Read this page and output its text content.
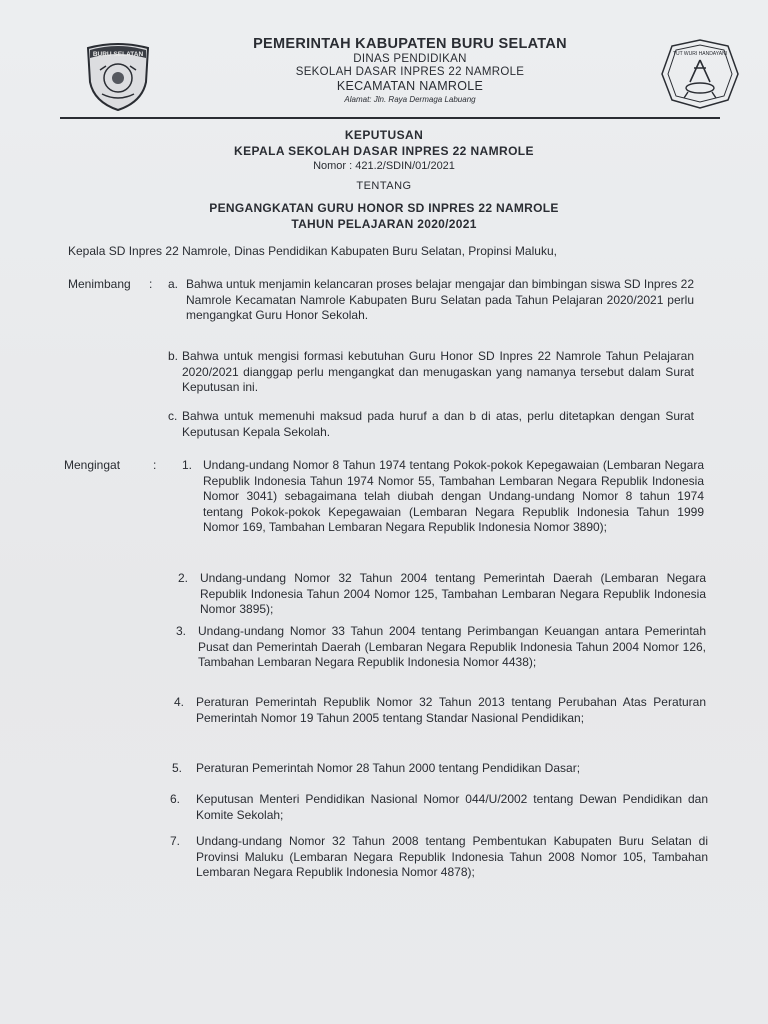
BURU SELATAN
PEMERINTAH KABUPATEN BURU SELATAN
DINAS PENDIDIKAN
SEKOLAH DASAR INPRES 22 NAMROLE
KECAMATAN NAMROLE
Alamat: Jln. Raya Dermaga Labuang
TUT WURI HANDAYANI
KEPUTUSAN
KEPALA SEKOLAH DASAR INPRES 22 NAMROLE
Nomor : 421.2/SDIN/01/2021
TENTANG
PENGANGKATAN GURU HONOR SD INPRES 22 NAMROLE
TAHUN PELAJARAN 2020/2021
Kepala SD Inpres 22 Namrole, Dinas Pendidikan Kabupaten Buru Selatan, Propinsi Maluku,
Menimbang : a. Bahwa untuk menjamin kelancaran proses belajar mengajar dan bimbingan siswa SD Inpres 22 Namrole Kecamatan Namrole Kabupaten Buru Selatan pada Tahun Pelajaran 2020/2021 perlu mengangkat Guru Honor Sekolah.
b. Bahwa untuk mengisi formasi kebutuhan Guru Honor SD Inpres 22 Namrole Tahun Pelajaran 2020/2021 dianggap perlu mengangkat dan menugaskan yang namanya tersebut dalam Surat Keputusan ini.
c. Bahwa untuk memenuhi maksud pada huruf a dan b di atas, perlu ditetapkan dengan Surat Keputusan Kepala Sekolah.
Mengingat	: 1. Undang-undang Nomor 8 Tahun 1974 tentang Pokok-pokok Kepegawaian (Lembaran Negara Republik Indonesia Tahun 1974 Nomor 55, Tambahan Lembaran Negara Republik Indonesia Nomor 3041) sebagaimana telah diubah dengan Undang-undang Nomor 8 tahun 1974 tentang Pokok-pokok Kepegawaian (Lembaran Negara Republik Indonesia Tahun 1999 Nomor 169, Tambahan Lembaran Negara Republik Indonesia Nomor 3890);
2. Undang-undang Nomor 32 Tahun 2004 tentang Pemerintah Daerah (Lembaran Negara Republik Indonesia Tahun 2004 Nomor 125, Tambahan Lembaran Negara Republik Indonesia Nomor 3895);
3. Undang-undang Nomor 33 Tahun 2004 tentang Perimbangan Keuangan antara Pemerintah Pusat dan Pemerintah Daerah (Lembaran Negara Republik Indonesia Tahun 2004 Nomor 126, Tambahan Lembaran Negara Republik Indonesia Nomor 4438);
4. Peraturan Pemerintah Republik Nomor 32 Tahun 2013 tentang Perubahan Atas Peraturan Pemerintah Nomor 19 Tahun 2005 tentang Standar Nasional Pendidikan;
5. Peraturan Pemerintah Nomor 28 Tahun 2000 tentang Pendidikan Dasar;
6. Keputusan Menteri Pendidikan Nasional Nomor 044/U/2002 tentang Dewan Pendidikan dan Komite Sekolah;
7. Undang-undang Nomor 32 Tahun 2008 tentang Pembentukan Kabupaten Buru Selatan di Provinsi Maluku (Lembaran Negara Republik Indonesia Tahun 2008 Nomor 105, Tambahan Lembaran Negara Republik Indonesia Nomor 4878);
